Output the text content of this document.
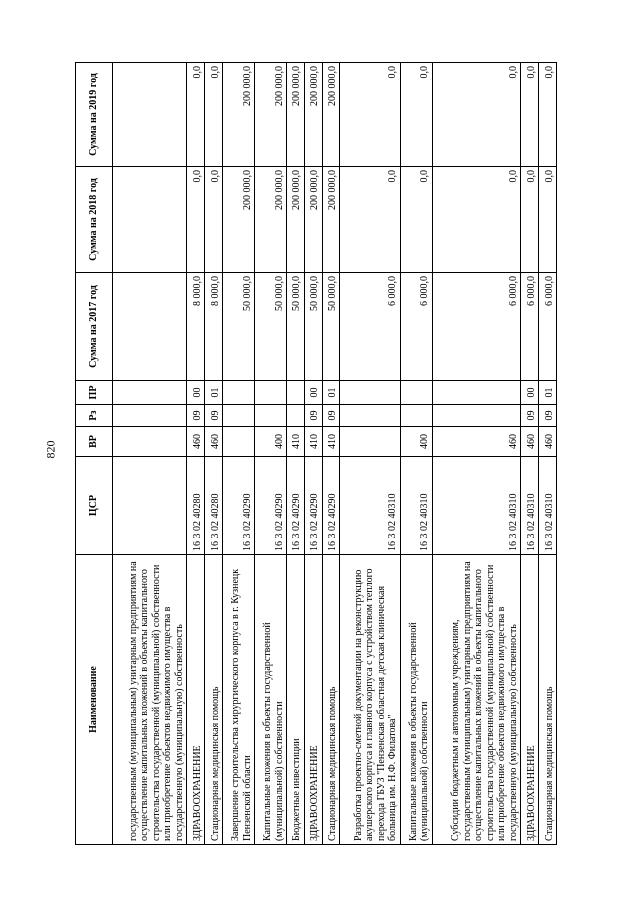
820
Наименование	ЦСР	ВР	Рз	ПР	Сумма на 2017 год	Сумма на 2018 год	Сумма на 2019 год
государственным (муниципальным) унитарным предприятиям на осуществление капитальных вложений в объекты капитального строительства государственной (муниципальной) собственности или приобретение объектов недвижимого имущества в государственную (муниципальную) собственность							
ЗДРАВООХРАНЕНИЕ	16 3 02 40280	460	09	00	8 000,0	0,0	0,0
Стационарная медицинская помощь	16 3 02 40280	460	09	01	8 000,0	0,0	0,0
Завершение строительства хирургического корпуса в г. Кузнецк Пензенской области	16 3 02 40290				50 000,0	200 000,0	200 000,0
Капитальные вложения в объекты государственной (муниципальной) собственности	16 3 02 40290	400			50 000,0	200 000,0	200 000,0
Бюджетные инвестиции	16 3 02 40290	410			50 000,0	200 000,0	200 000,0
ЗДРАВООХРАНЕНИЕ	16 3 02 40290	410	09	00	50 000,0	200 000,0	200 000,0
Стационарная медицинская помощь	16 3 02 40290	410	09	01	50 000,0	200 000,0	200 000,0
Разработка проектно-сметной документации на реконструкцию акушерского корпуса и главного корпуса с устройством теплого перехода ГБУЗ "Пензенская областная детская клиническая больница им. Н.Ф. Филатова"	16 3 02 40310				6 000,0	0,0	0,0
Капитальные вложения в объекты государственной (муниципальной) собственности	16 3 02 40310	400			6 000,0	0,0	0,0
Субсидии бюджетным и автономным учреждениям, государственным (муниципальным) унитарным предприятиям на осуществление капитальных вложений в объекты капитального строительства государственной (муниципальной) собственности или приобретение объектов недвижимого имущества в государственную (муниципальную) собственность	16 3 02 40310	460			6 000,0	0,0	0,0
ЗДРАВООХРАНЕНИЕ	16 3 02 40310	460	09	00	6 000,0	0,0	0,0
Стационарная медицинская помощь	16 3 02 40310	460	09	01	6 000,0	0,0	0,0
